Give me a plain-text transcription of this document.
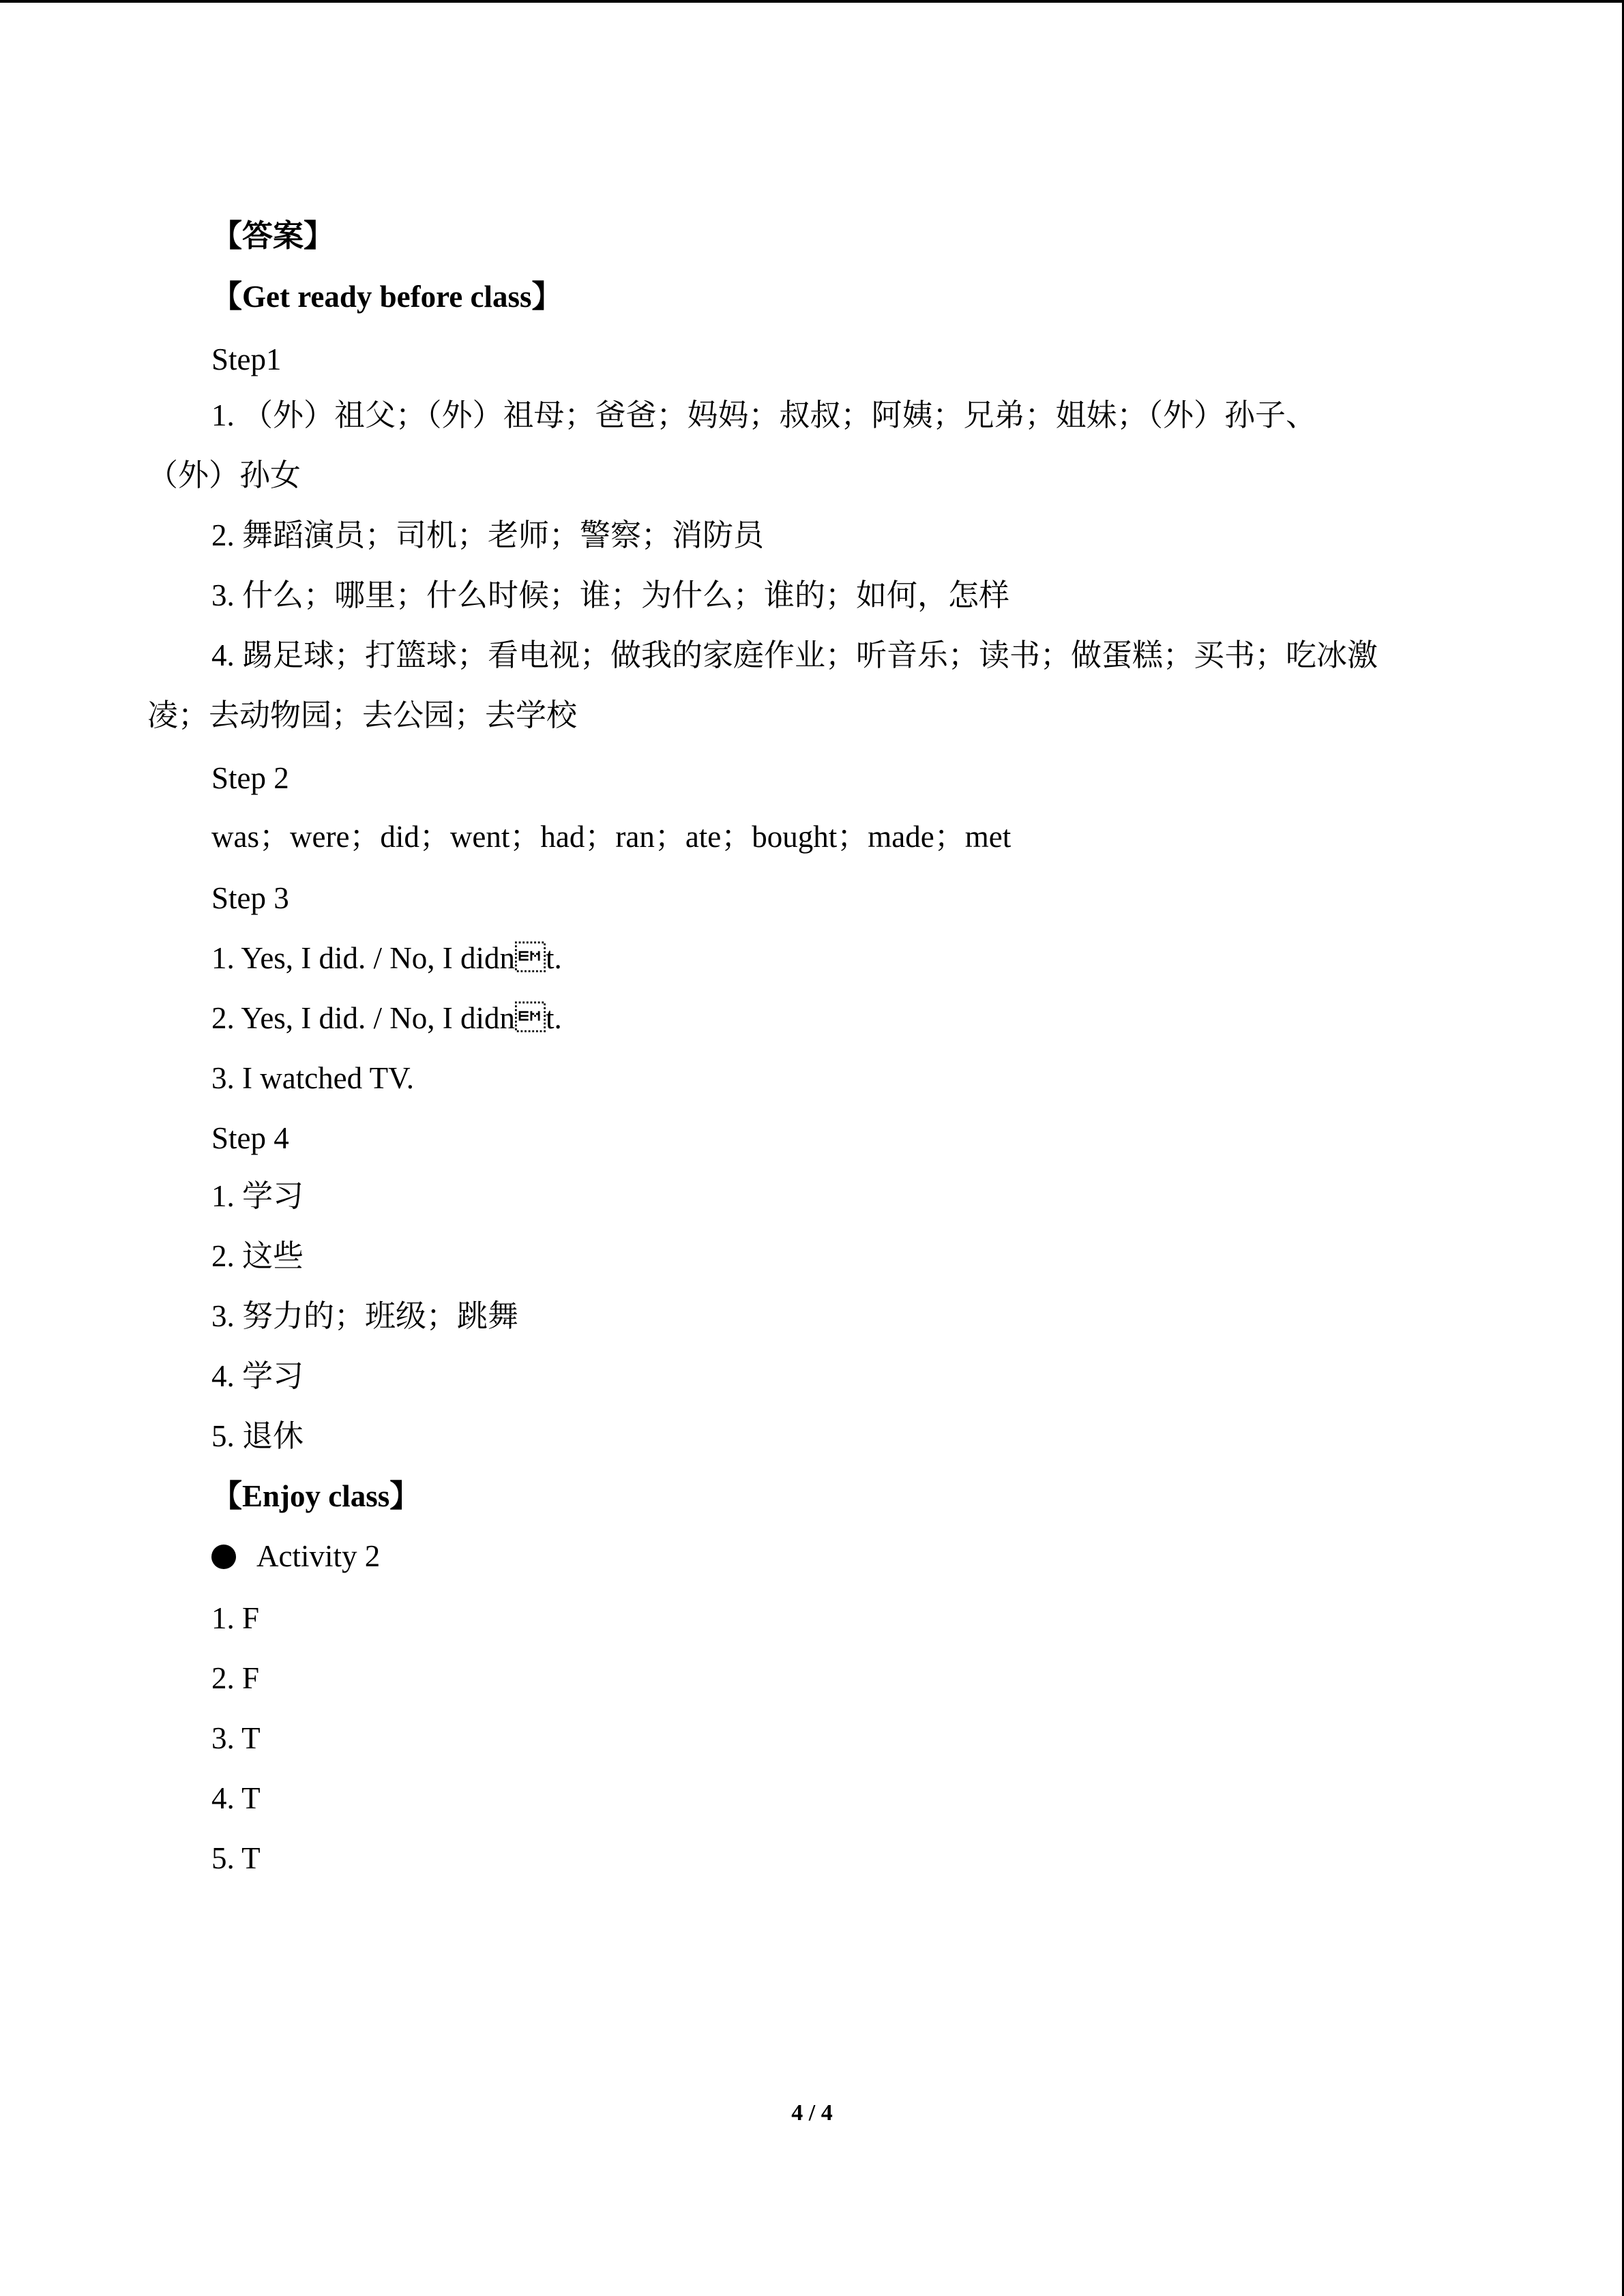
【答案】
【Get ready before class】
Step1
1. （外）祖父；（外）祖母；爸爸；妈妈；叔叔；阿姨；兄弟；姐妹；（外）孙子、
（外）孙女
2. 舞蹈演员；司机；老师；警察；消防员
3. 什么；哪里；什么时候；谁；为什么；谁的；如何，怎样
4. 踢足球；打篮球；看电视；做我的家庭作业；听音乐；读书；做蛋糕；买书；吃冰激
凌；去动物园；去公园；去学校
Step 2
was；were；did；went；had；ran；ate；bought；made；met
Step 3
1. Yes, I did. / No, I didnt.
2. Yes, I did. / No, I didnt.
3. I watched TV.
Step 4
1. 学习
2. 这些
3. 努力的；班级；跳舞
4. 学习
5. 退休
【Enjoy class】
Activity 2
1. F
2. F
3. T
4. T
5. T
4 / 4
